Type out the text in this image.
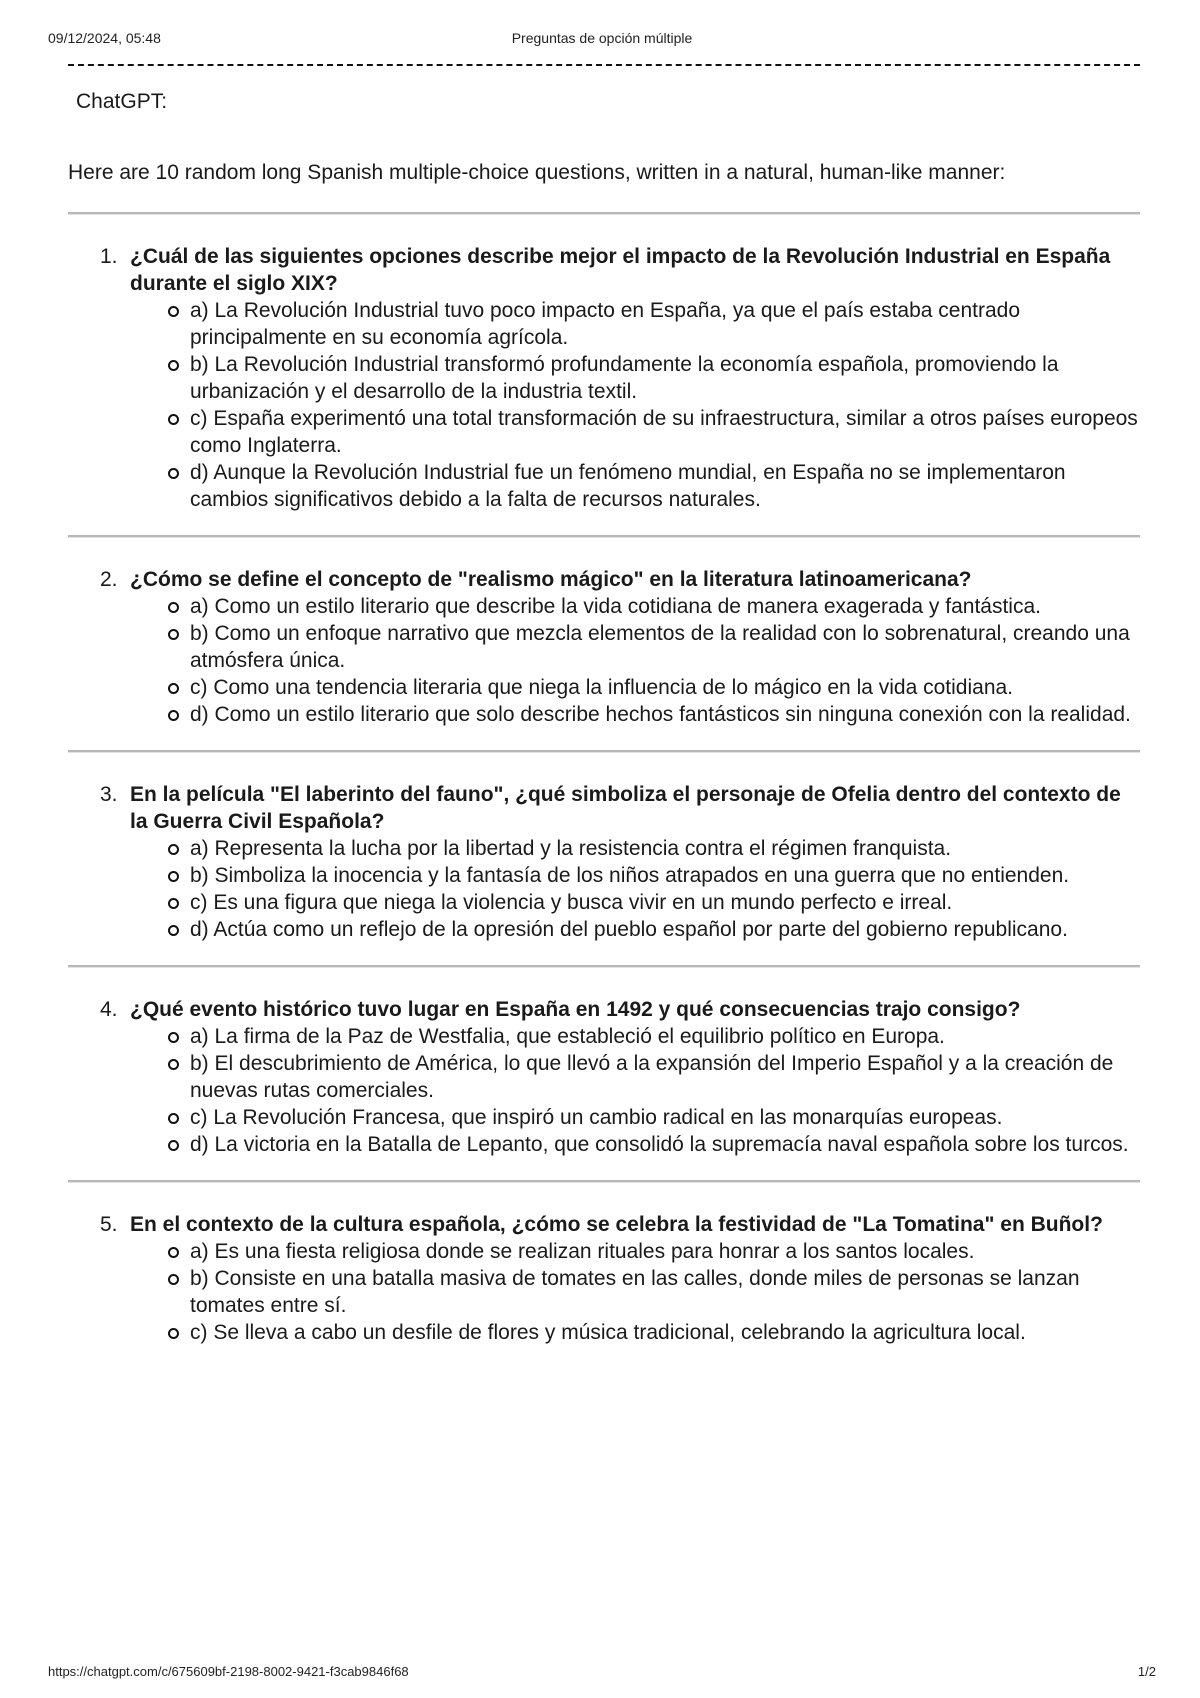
09/12/2024, 05:48	Preguntas de opción múltiple
ChatGPT:

Here are 10 random long Spanish multiple-choice questions, written in a natural, human-like manner:

1. ¿Cuál de las siguientes opciones describe mejor el impacto de la Revolución Industrial en España durante el siglo XIX?
a) La Revolución Industrial tuvo poco impacto en España, ya que el país estaba centrado principalmente en su economía agrícola.
b) La Revolución Industrial transformó profundamente la economía española, promoviendo la urbanización y el desarrollo de la industria textil.
c) España experimentó una total transformación de su infraestructura, similar a otros países europeos como Inglaterra.
d) Aunque la Revolución Industrial fue un fenómeno mundial, en España no se implementaron cambios significativos debido a la falta de recursos naturales.
2. ¿Cómo se define el concepto de "realismo mágico" en la literatura latinoamericana?
a) Como un estilo literario que describe la vida cotidiana de manera exagerada y fantástica.
b) Como un enfoque narrativo que mezcla elementos de la realidad con lo sobrenatural, creando una atmósfera única.
c) Como una tendencia literaria que niega la influencia de lo mágico en la vida cotidiana.
d) Como un estilo literario que solo describe hechos fantásticos sin ninguna conexión con la realidad.
3. En la película "El laberinto del fauno", ¿qué simboliza el personaje de Ofelia dentro del contexto de la Guerra Civil Española?
a) Representa la lucha por la libertad y la resistencia contra el régimen franquista.
b) Simboliza la inocencia y la fantasía de los niños atrapados en una guerra que no entienden.
c) Es una figura que niega la violencia y busca vivir en un mundo perfecto e irreal.
d) Actúa como un reflejo de la opresión del pueblo español por parte del gobierno republicano.
4. ¿Qué evento histórico tuvo lugar en España en 1492 y qué consecuencias trajo consigo?
a) La firma de la Paz de Westfalia, que estableció el equilibrio político en Europa.
b) El descubrimiento de América, lo que llevó a la expansión del Imperio Español y a la creación de nuevas rutas comerciales.
c) La Revolución Francesa, que inspiró un cambio radical en las monarquías europeas.
d) La victoria en la Batalla de Lepanto, que consolidó la supremacía naval española sobre los turcos.
5. En el contexto de la cultura española, ¿cómo se celebra la festividad de "La Tomatina" en Buñol?
a) Es una fiesta religiosa donde se realizan rituales para honrar a los santos locales.
b) Consiste en una batalla masiva de tomates en las calles, donde miles de personas se lanzan tomates entre sí.
c) Se lleva a cabo un desfile de flores y música tradicional, celebrando la agricultura local.
https://chatgpt.com/c/675609bf-2198-8002-9421-f3cab9846f68	1/2
